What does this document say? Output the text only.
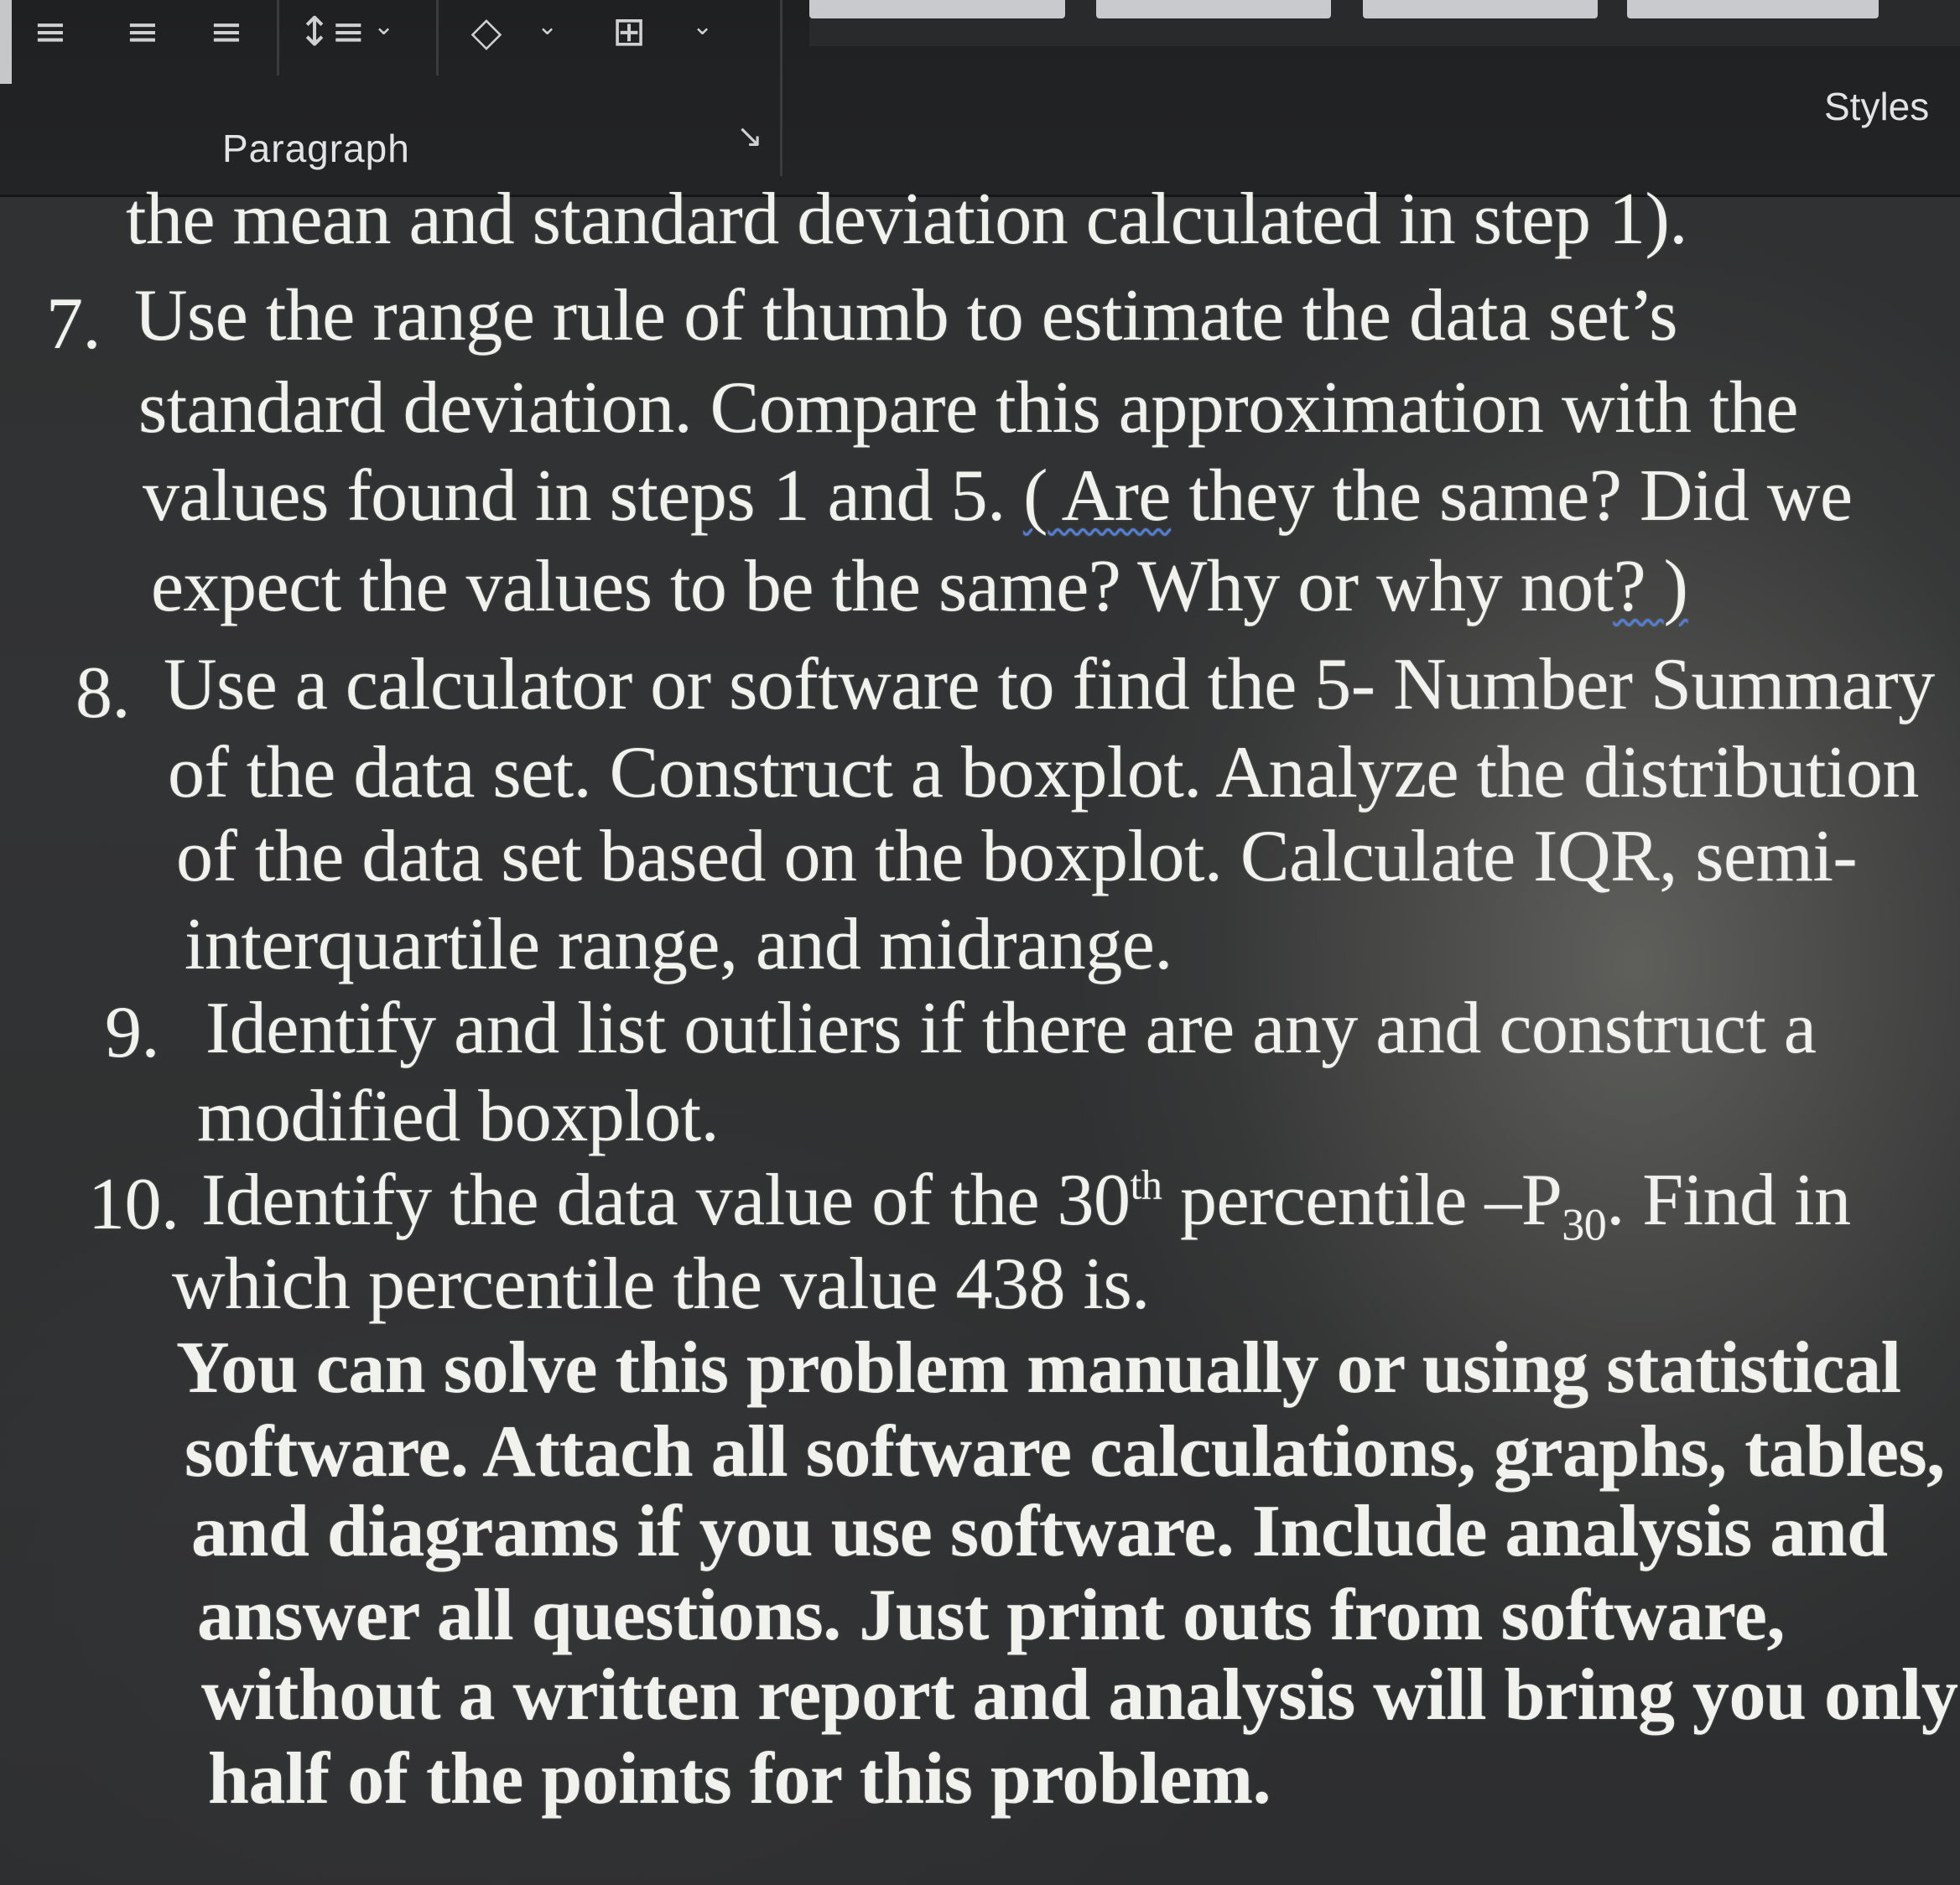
≡ ≡ ≡ ↕≡ ⌄	◇	⌄	⊞	⌄
Paragraph	↘
Styles
the mean and standard deviation calculated in step 1).
7. Use the range rule of thumb to estimate the data set’s
standard deviation. Compare this approximation with the
values found in steps 1 and 5. ( Are they the same? Did we
expect the values to be the same? Why or why not? )
8. Use a calculator or software to find the 5- Number Summary
of the data set. Construct a boxplot. Analyze the distribution
of the data set based on the boxplot. Calculate IQR, semi-
interquartile range, and midrange.
9. Identify and list outliers if there are any and construct a
modified boxplot.
10. Identify the data value of the 30th percentile $-P_{30}$. Find in
which percentile the value 438 is.
You can solve this problem manually or using statistical
software. Attach all software calculations, graphs, tables,
and diagrams if you use software. Include analysis and
answer all questions. Just print outs from software,
without a written report and analysis will bring you only
half of the points for this problem.
